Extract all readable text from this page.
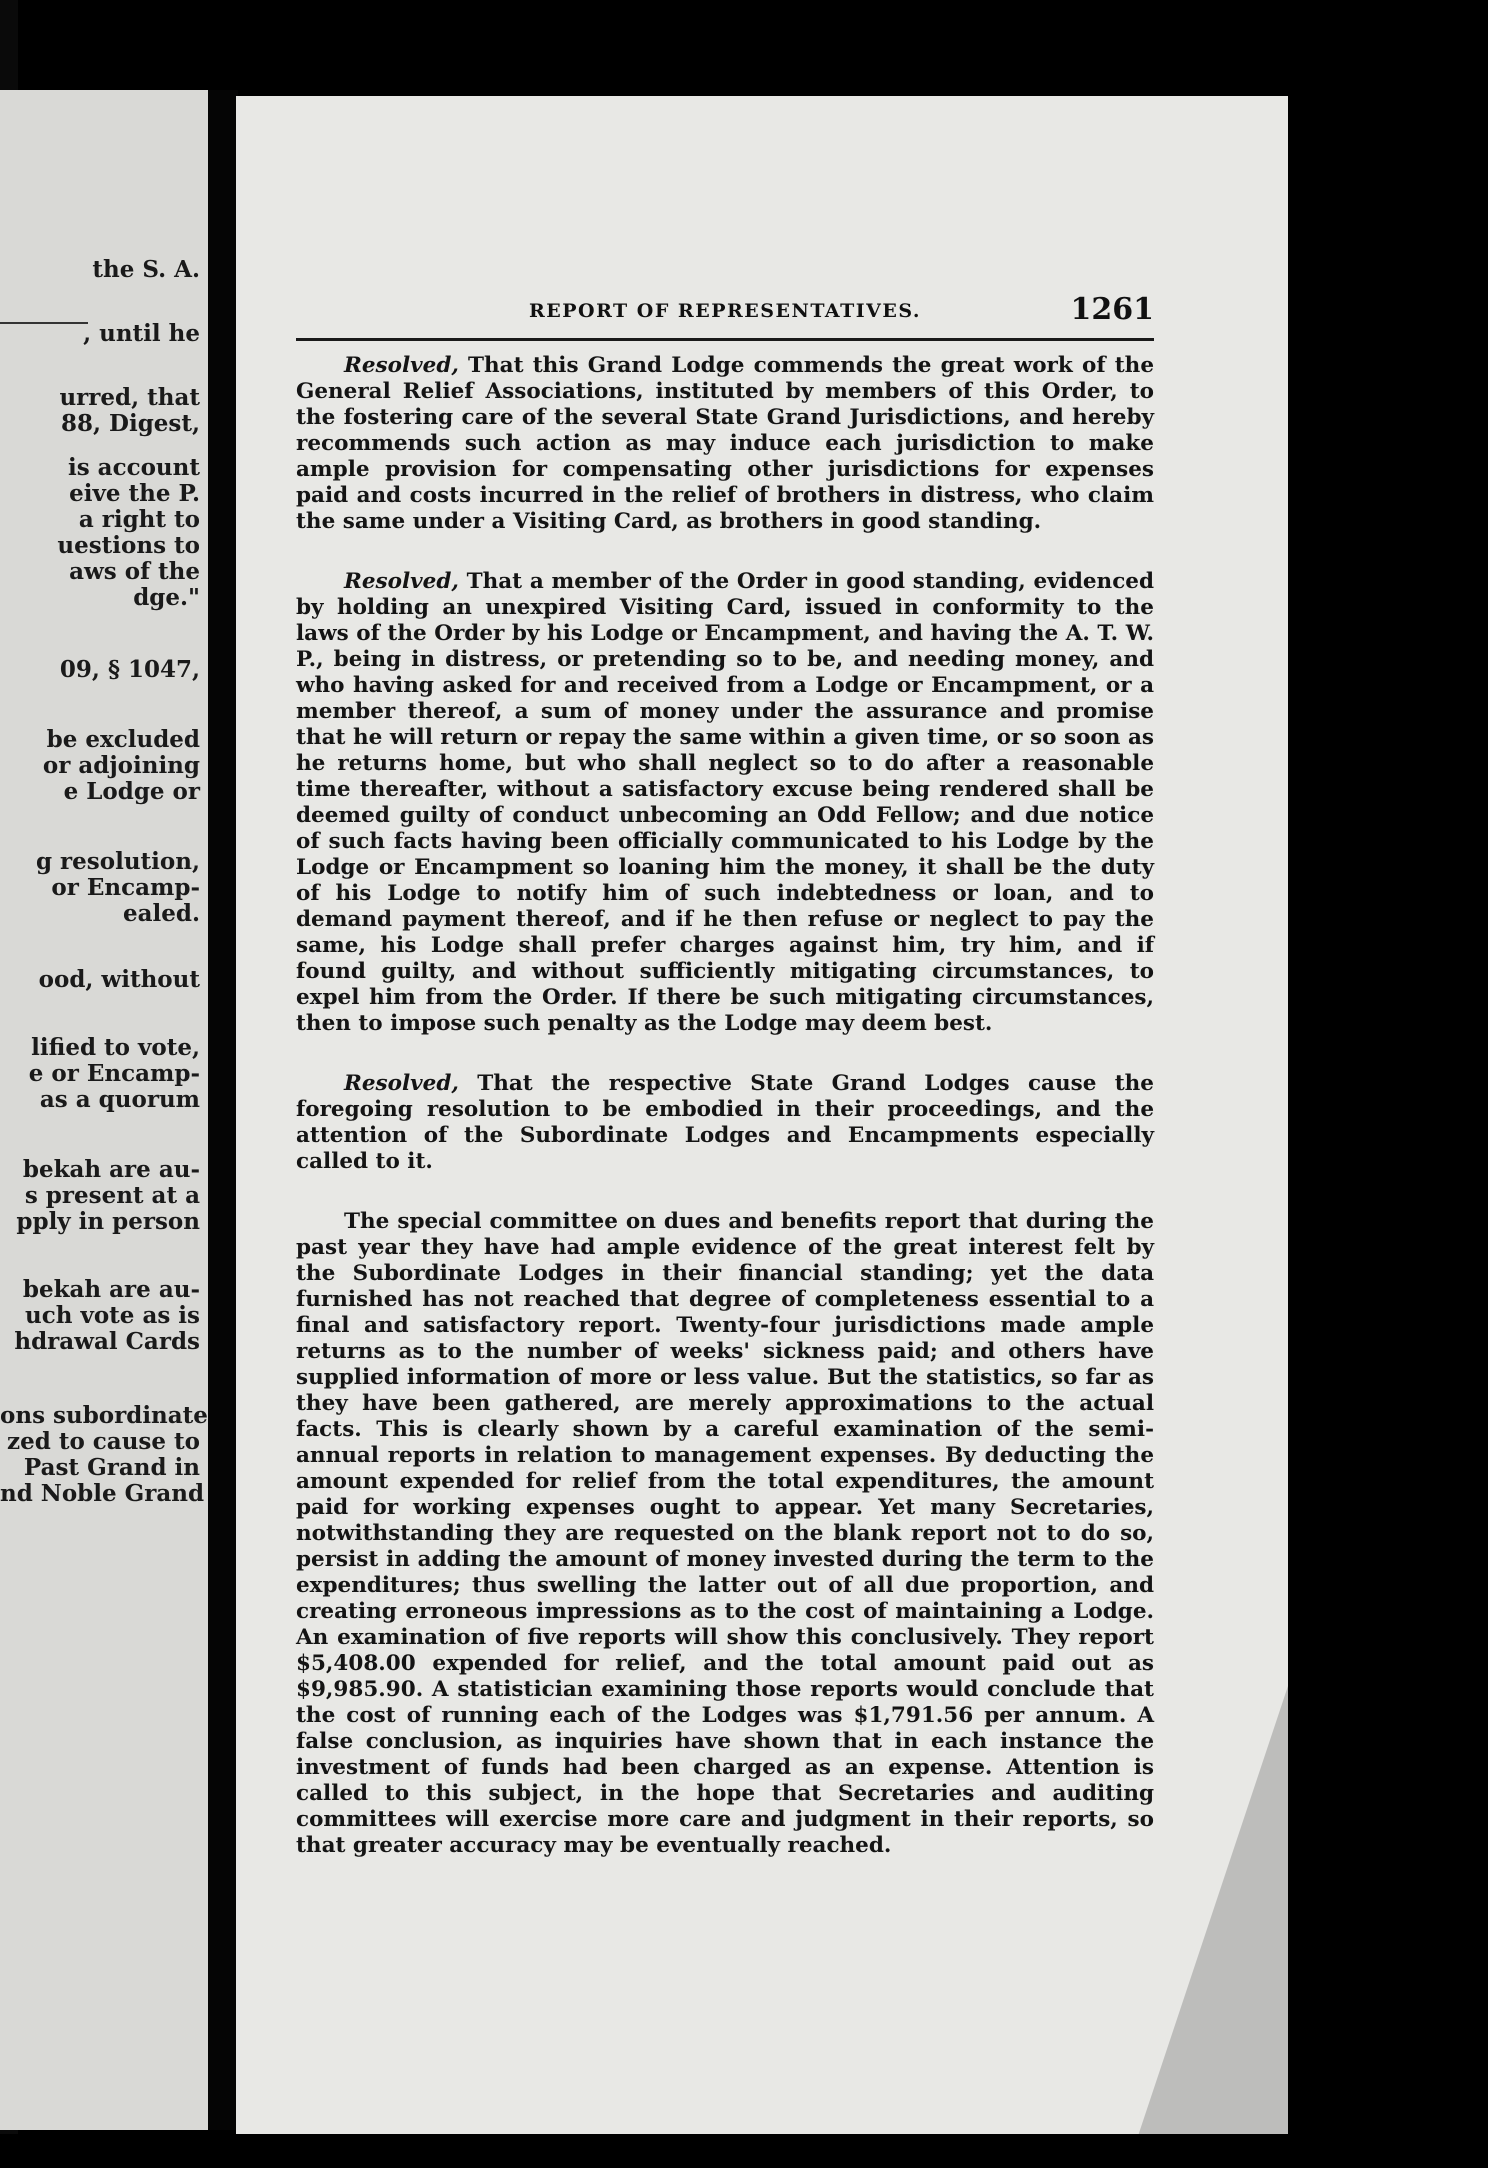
the S. A.
, until he
urred, that
88, Digest,
is account
eive the P.
a right to
uestions to
aws of the
dge."
09, § 1047,
be excluded
or adjoining
e Lodge or
g resolution,
or Encamp-
ealed.
ood, without
lified to vote,
e or Encamp-
as a quorum
bekah are au-
s present at a
pply in person
bekah are au-
uch vote as is
hdrawal Cards
ons subordinate
zed to cause to
Past Grand in
nd Noble Grand
REPORT OF REPRESENTATIVES.	1261

Resolved, That this Grand Lodge commends the great work of the General Relief Associations, instituted by members of this Order, to the fostering care of the several State Grand Jurisdictions, and hereby recommends such action as may induce each jurisdiction to make ample provision for compensating other jurisdictions for expenses paid and costs incurred in the relief of brothers in distress, who claim the same under a Visiting Card, as brothers in good standing.

Resolved, That a member of the Order in good standing, evidenced by holding an unexpired Visiting Card, issued in conformity to the laws of the Order by his Lodge or Encampment, and having the A. T. W. P., being in distress, or pretending so to be, and needing money, and who having asked for and received from a Lodge or Encampment, or a member thereof, a sum of money under the assurance and promise that he will return or repay the same within a given time, or so soon as he returns home, but who shall neglect so to do after a reasonable time thereafter, without a satisfactory excuse being rendered shall be deemed guilty of conduct unbecoming an Odd Fellow; and due notice of such facts having been officially communicated to his Lodge by the Lodge or Encampment so loaning him the money, it shall be the duty of his Lodge to notify him of such indebtedness or loan, and to demand payment thereof, and if he then refuse or neglect to pay the same, his Lodge shall prefer charges against him, try him, and if found guilty, and without sufficiently mitigating circumstances, to expel him from the Order. If there be such mitigating circumstances, then to impose such penalty as the Lodge may deem best.

Resolved, That the respective State Grand Lodges cause the foregoing resolution to be embodied in their proceedings, and the attention of the Subordinate Lodges and Encampments especially called to it.

The special committee on dues and benefits report that during the past year they have had ample evidence of the great interest felt by the Subordinate Lodges in their financial standing; yet the data furnished has not reached that degree of completeness essential to a final and satisfactory report. Twenty-four jurisdictions made ample returns as to the number of weeks' sickness paid; and others have supplied information of more or less value. But the statistics, so far as they have been gathered, are merely approximations to the actual facts. This is clearly shown by a careful examination of the semi-annual reports in relation to management expenses. By deducting the amount expended for relief from the total expenditures, the amount paid for working expenses ought to appear. Yet many Secretaries, notwithstanding they are requested on the blank report not to do so, persist in adding the amount of money invested during the term to the expenditures; thus swelling the latter out of all due proportion, and creating erroneous impressions as to the cost of maintaining a Lodge. An examination of five reports will show this conclusively. They report $5,408.00 expended for relief, and the total amount paid out as $9,985.90. A statistician examining those reports would conclude that the cost of running each of the Lodges was $1,791.56 per annum. A false conclusion, as inquiries have shown that in each instance the investment of funds had been charged as an expense. Attention is called to this subject, in the hope that Secretaries and auditing committees will exercise more care and judgment in their reports, so that greater accuracy may be eventually reached.
